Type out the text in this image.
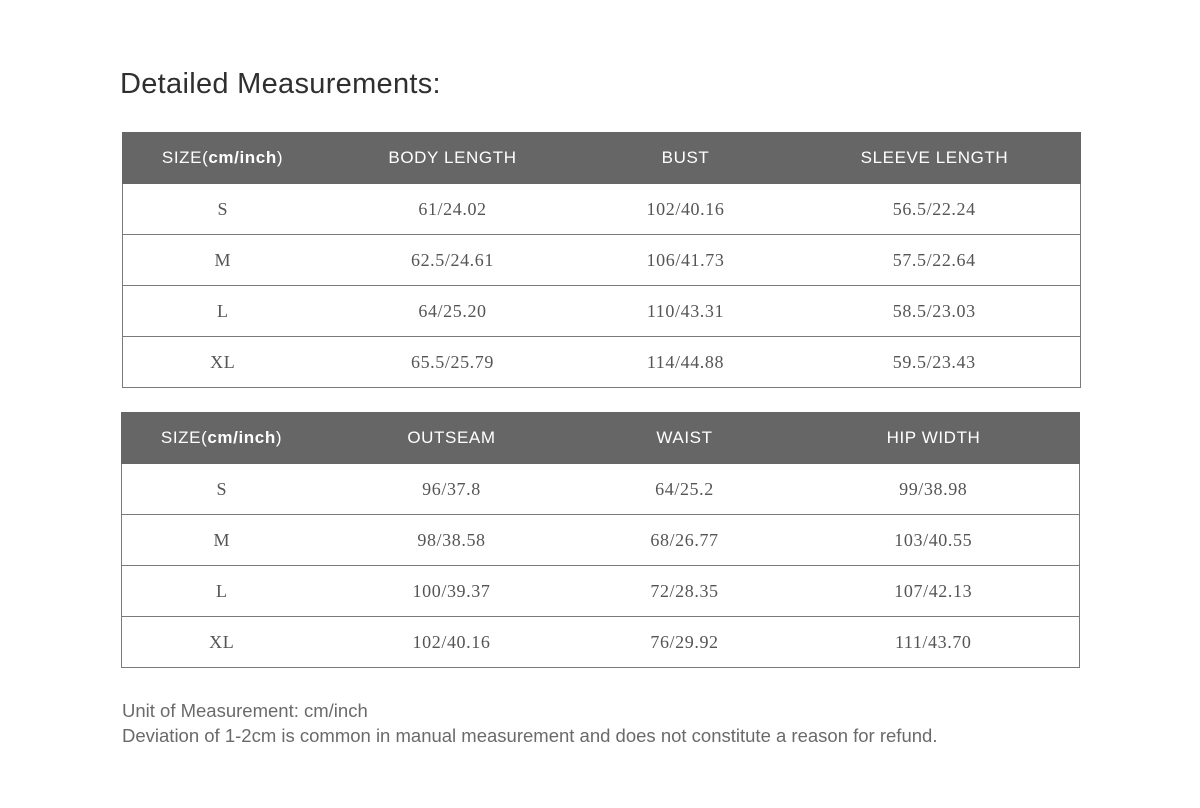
Detailed Measurements:
SIZE(cm/inch)	BODY LENGTH	BUST	SLEEVE LENGTH
S	61/24.02	102/40.16	56.5/22.24
M	62.5/24.61	106/41.73	57.5/22.64
L	64/25.20	110/43.31	58.5/23.03
XL	65.5/25.79	114/44.88	59.5/23.43
SIZE(cm/inch)	OUTSEAM	WAIST	HIP WIDTH
S	96/37.8	64/25.2	99/38.98
M	98/38.58	68/26.77	103/40.55
L	100/39.37	72/28.35	107/42.13
XL	102/40.16	76/29.92	111/43.70
Unit of Measurement: cm/inch
Deviation of 1-2cm is common in manual measurement and does not constitute a reason for refund.
